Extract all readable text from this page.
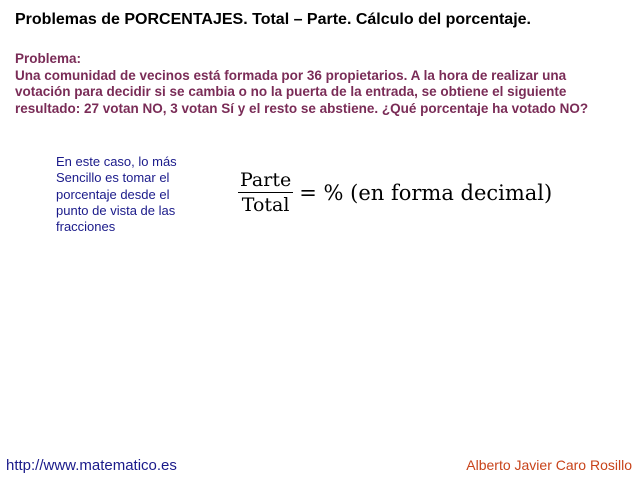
Problemas de PORCENTAJES. Total – Parte. Cálculo del porcentaje.
Problema:
Una comunidad de vecinos está formada por 36 propietarios. A la hora de realizar una
votación para decidir si se cambia o no la puerta de la entrada, se obtiene el siguiente
resultado: 27 votan NO, 3 votan Sí y el resto se abstiene. ¿Qué porcentaje ha votado NO?
En este caso, lo más
Sencillo es tomar el
porcentaje desde el
punto de vista de las
fracciones
$\frac{\text{Parte}}{\text{Total}}$ = % (en forma decimal)
http://www.matematico.es	Alberto Javier Caro Rosillo
